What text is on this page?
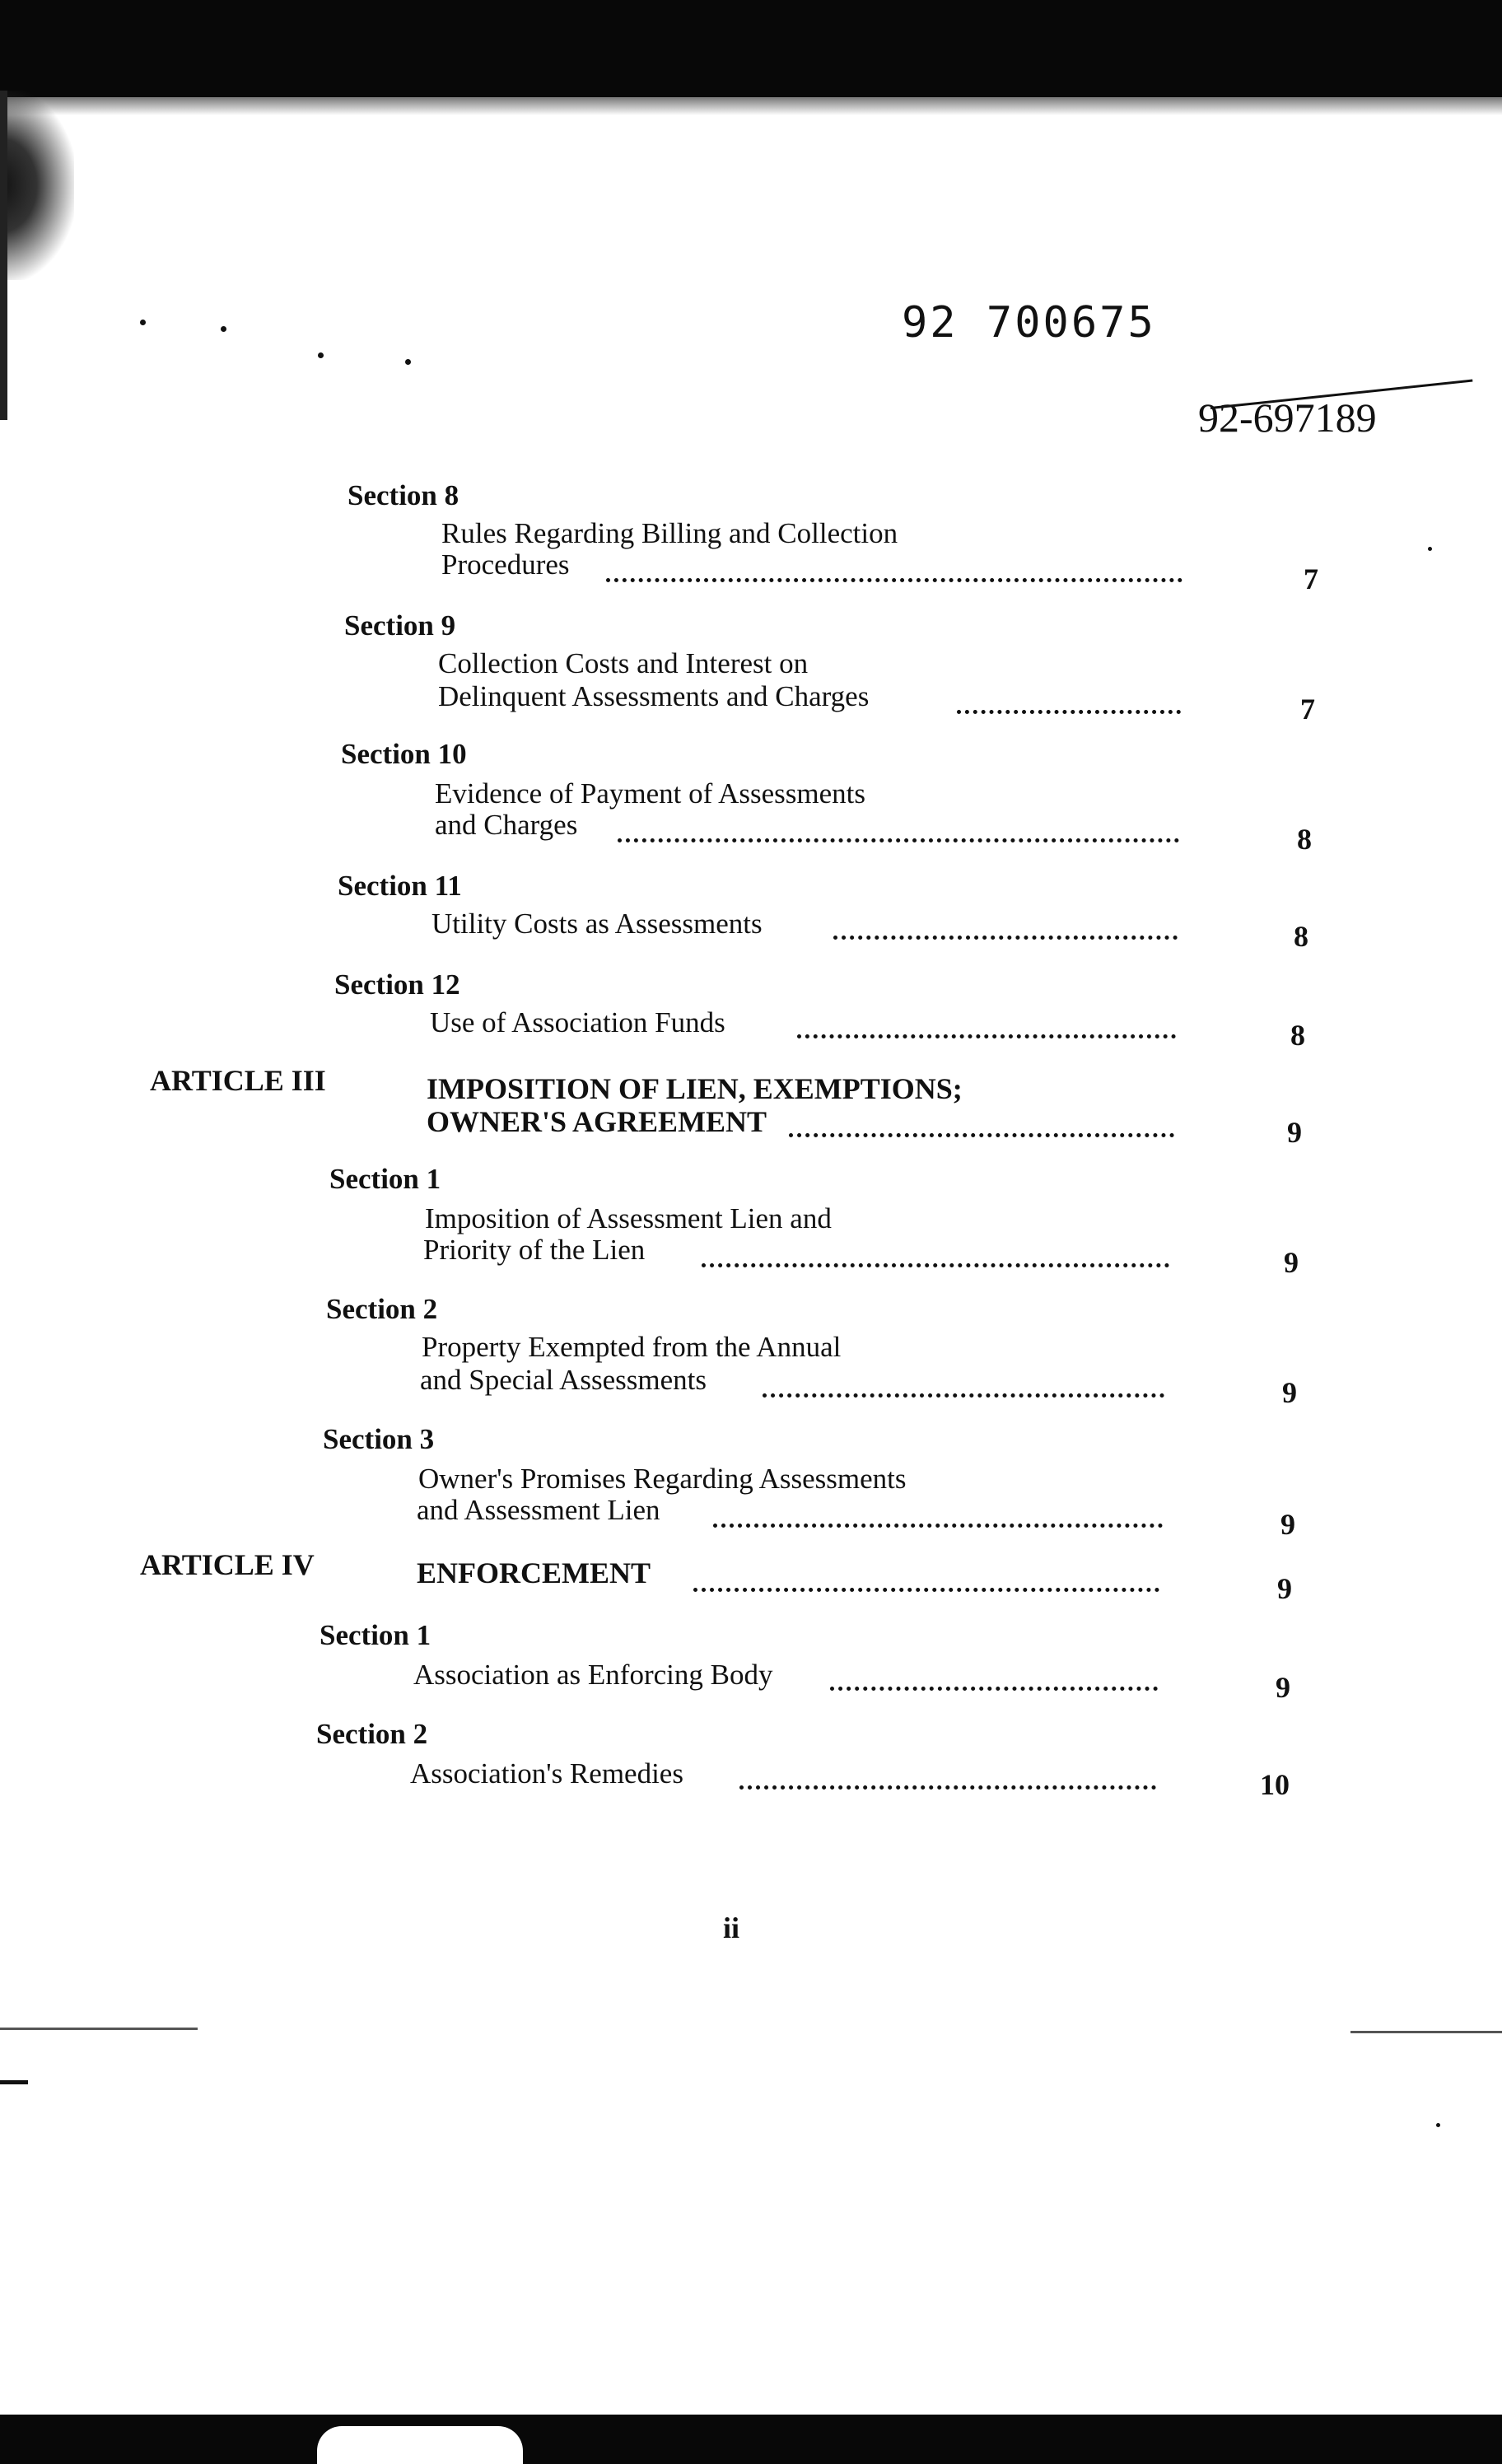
92 700675
92-697189
Section 8
Rules Regarding Billing and Collection
Procedures	7
Section 9
Collection Costs and Interest on
Delinquent Assessments and Charges	7
Section 10
Evidence of Payment of Assessments
and Charges	8
Section 11
Utility Costs as Assessments	8
Section 12
Use of Association Funds	8
ARTICLE III	IMPOSITION OF LIEN, EXEMPTIONS;
OWNER'S AGREEMENT	9
Section 1
Imposition of Assessment Lien and
Priority of the Lien	9
Section 2
Property Exempted from the Annual
and Special Assessments	9
Section 3
Owner's Promises Regarding Assessments
and Assessment Lien	9
ARTICLE IV	ENFORCEMENT	9
Section 1
Association as Enforcing Body	9
Section 2
Association's Remedies	10
ii
